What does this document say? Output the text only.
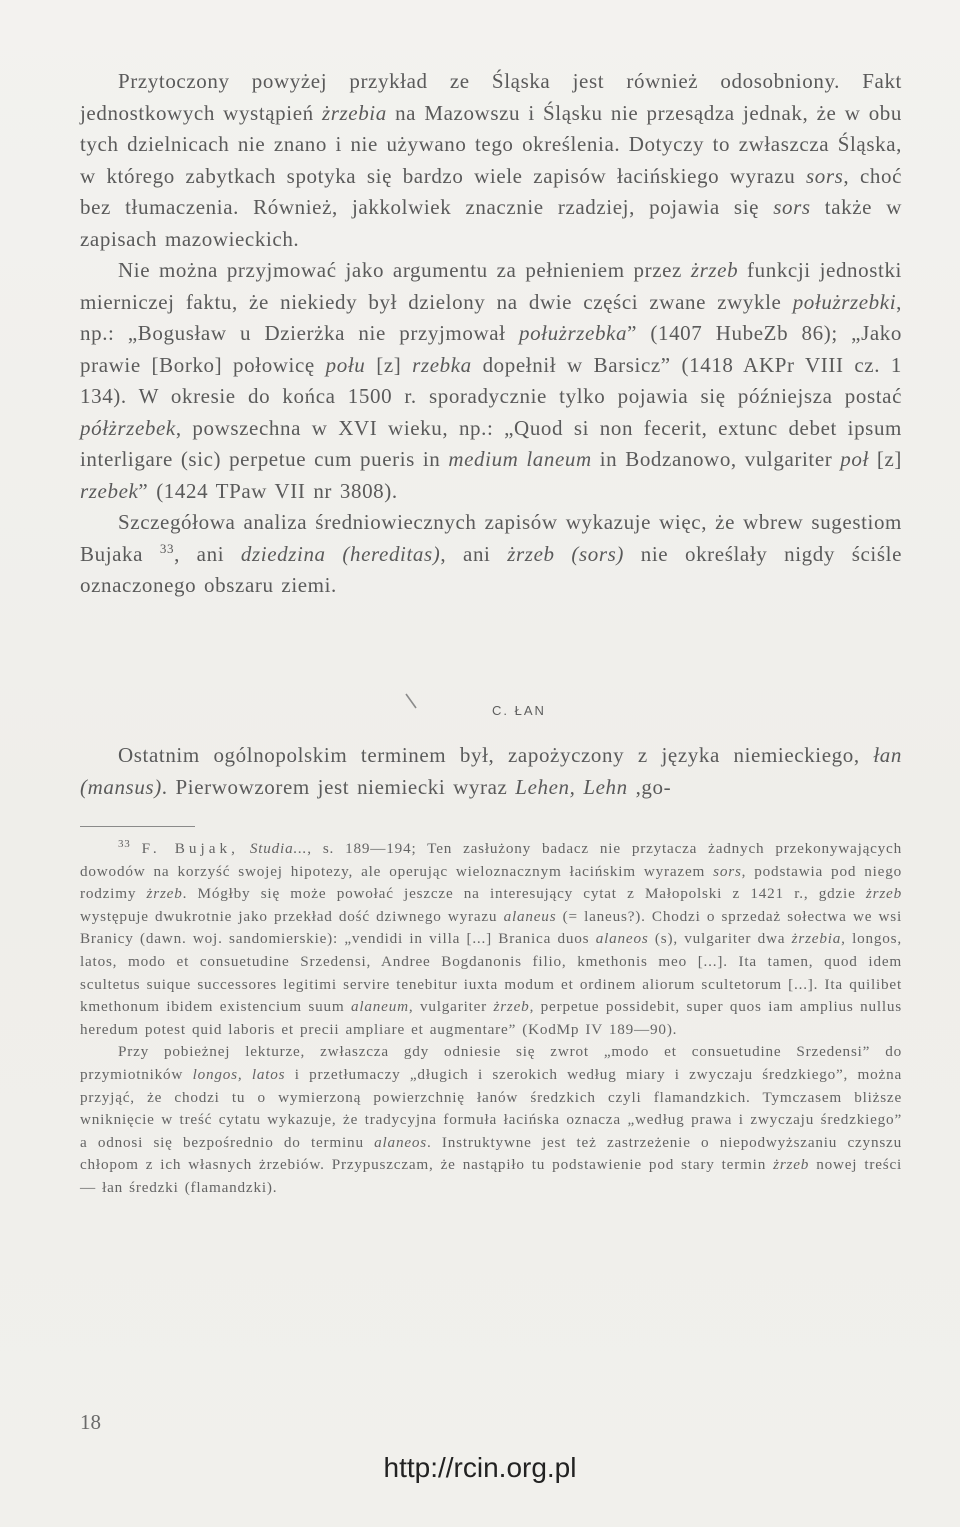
Przytoczony powyżej przykład ze Śląska jest również odosobniony. Fakt jednostkowych wystąpień żrzebia na Mazowszu i Śląsku nie przesądza jednak, że w obu tych dzielnicach nie znano i nie używano tego określenia. Dotyczy to zwłaszcza Śląska, w którego zabytkach spotyka się bardzo wiele zapisów łacińskiego wyrazu sors, choć bez tłumaczenia. Również, jakkolwiek znacznie rzadziej, pojawia się sors także w zapisach mazowieckich.

Nie można przyjmować jako argumentu za pełnieniem przez żrzeb funkcji jednostki mierniczej faktu, że niekiedy był dzielony na dwie części zwane zwykle połużrzebki, np.: „Bogusław u Dzierżka nie przyjmował połużrzebka” (1407 HubeZb 86); „Jako prawie [Borko] połowicę połu [z] rzebka dopełnił w Barsicz” (1418 AKPr VIII cz. 1 134). W okresie do końca 1500 r. sporadycznie tylko pojawia się późniejsza postać półżrzebek, powszechna w XVI wieku, np.: „Quod si non fecerit, extunc debet ipsum interligare (sic) perpetue cum pueris in medium laneum in Bodzanowo, vulgariter poł [z] rzebek” (1424 TPaw VII nr 3808).

Szczegółowa analiza średniowiecznych zapisów wykazuje więc, że wbrew sugestiom Bujaka $^{33}$, ani dziedzina (hereditas), ani żrzeb (sors) nie określały nigdy ściśle oznaczonego obszaru ziemi.

C. ŁAN

Ostatnim ogólnopolskim terminem był, zapożyczony z języka niemieckiego, łan (mansus). Pierwowzorem jest niemiecki wyraz Lehen, Lehn ,go-

$^{33}$ F. Bujak, Studia..., s. 189—194; Ten zasłużony badacz nie przytacza żadnych przekonywających dowodów na korzyść swojej hipotezy, ale operując wieloznacznym łacińskim wyrazem sors, podstawia pod niego rodzimy żrzeb. Mógłby się może powołać jeszcze na interesujący cytat z Małopolski z 1421 r., gdzie żrzeb występuje dwukrotnie jako przekład dość dziwnego wyrazu alaneus (= laneus?). Chodzi o sprzedaż sołectwa we wsi Branicy (dawn. woj. sandomierskie): „vendidi in villa [...] Branica duos alaneos (s), vulgariter dwa żrzebia, longos, latos, modo et consuetudine Srzedensi, Andree Bogdanonis filio, kmethonis meo [...]. Ita tamen, quod idem scultetus suique successores legitimi servire tenebitur iuxta modum et ordinem aliorum scultetorum [...]. Ita quilibet kmethonum ibidem existencium suum alaneum, vulgariter żrzeb, perpetue possidebit, super quos iam amplius nullus heredum potest quid laboris et precii ampliare et augmentare” (KodMp IV 189—90).

Przy pobieżnej lekturze, zwłaszcza gdy odniesie się zwrot „modo et consuetudine Srzedensi” do przymiotników longos, latos i przetłumaczy „długich i szerokich według miary i zwyczaju średzkiego”, można przyjąć, że chodzi tu o wymierzoną powierzchnię łanów średzkich czyli flamandzkich. Tymczasem bliższe wniknięcie w treść cytatu wykazuje, że tradycyjna formuła łacińska oznacza „według prawa i zwyczaju średzkiego” a odnosi się bezpośrednio do terminu alaneos. Instruktywne jest też zastrzeżenie o niepodwyższaniu czynszu chłopom z ich własnych żrzebiów. Przypuszczam, że nastąpiło tu podstawienie pod stary termin żrzeb nowej treści — łan średzki (flamandzki).

18
http://rcin.org.pl
